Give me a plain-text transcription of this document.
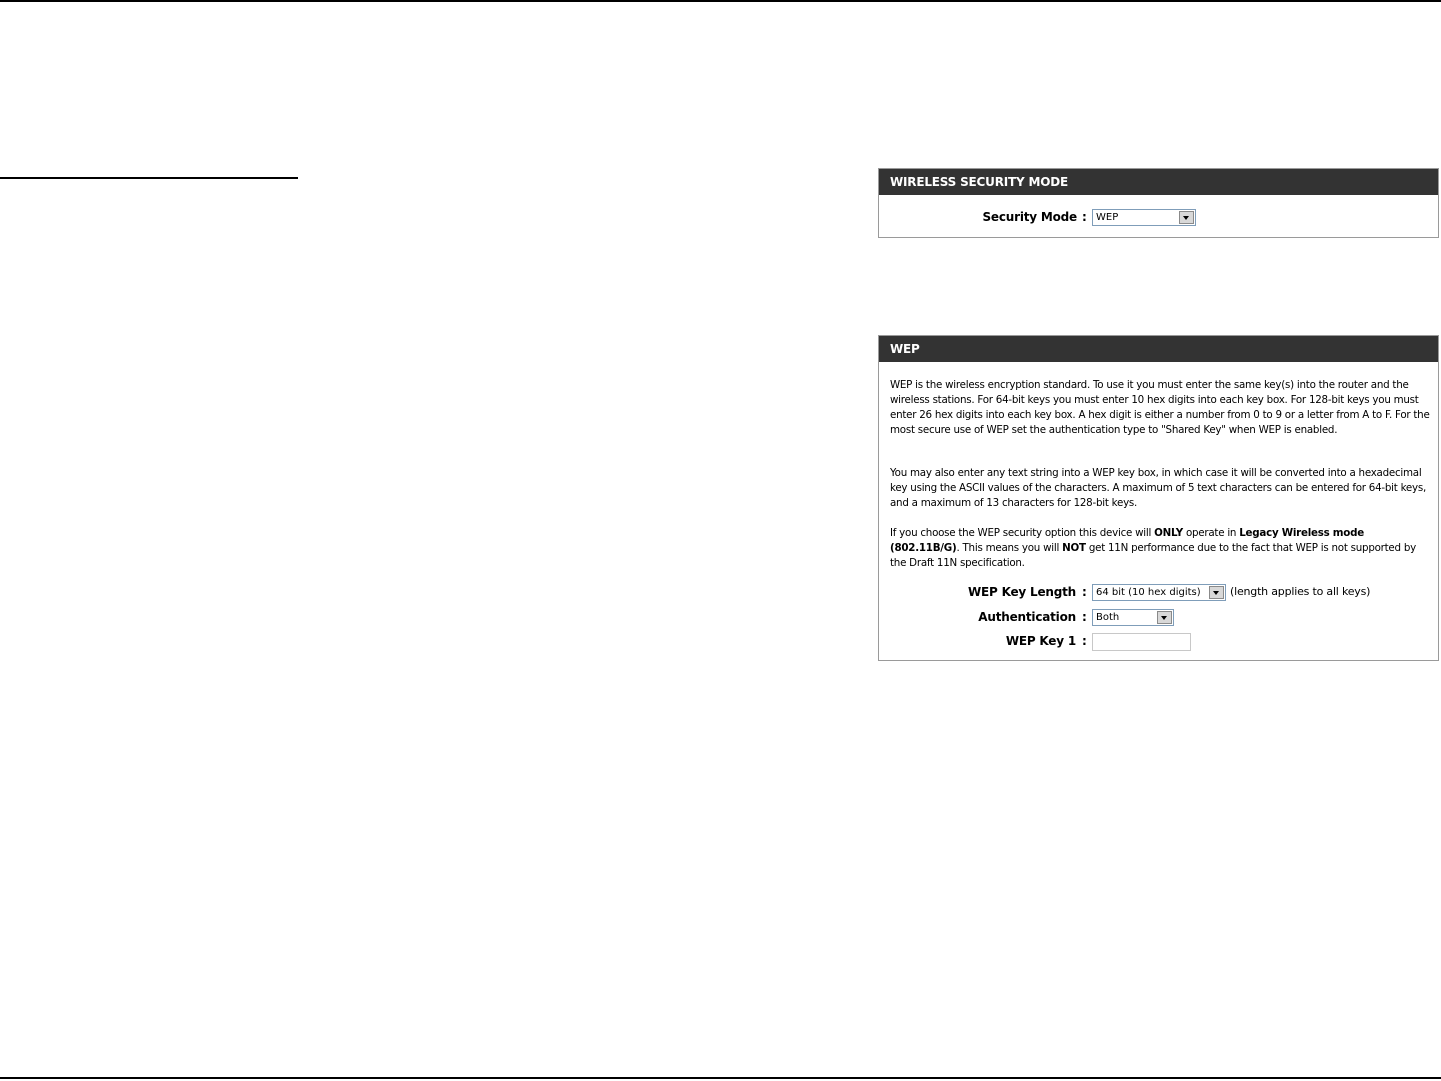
WIRELESS SECURITY MODE
Security Mode : WEP
WEP
WEP is the wireless encryption standard. To use it you must enter the same key(s) into the router and the wireless stations. For 64-bit keys you must enter 10 hex digits into each key box. For 128-bit keys you must enter 26 hex digits into each key box. A hex digit is either a number from 0 to 9 or a letter from A to F. For the most secure use of WEP set the authentication type to "Shared Key" when WEP is enabled.
You may also enter any text string into a WEP key box, in which case it will be converted into a hexadecimal key using the ASCII values of the characters. A maximum of 5 text characters can be entered for 64-bit keys, and a maximum of 13 characters for 128-bit keys.
If you choose the WEP security option this device will ONLY operate in Legacy Wireless mode (802.11B/G). This means you will NOT get 11N performance due to the fact that WEP is not supported by the Draft 11N specification.
WEP Key Length : 64 bit (10 hex digits)	(length applies to all keys)
Authentication : Both
WEP Key 1 :
